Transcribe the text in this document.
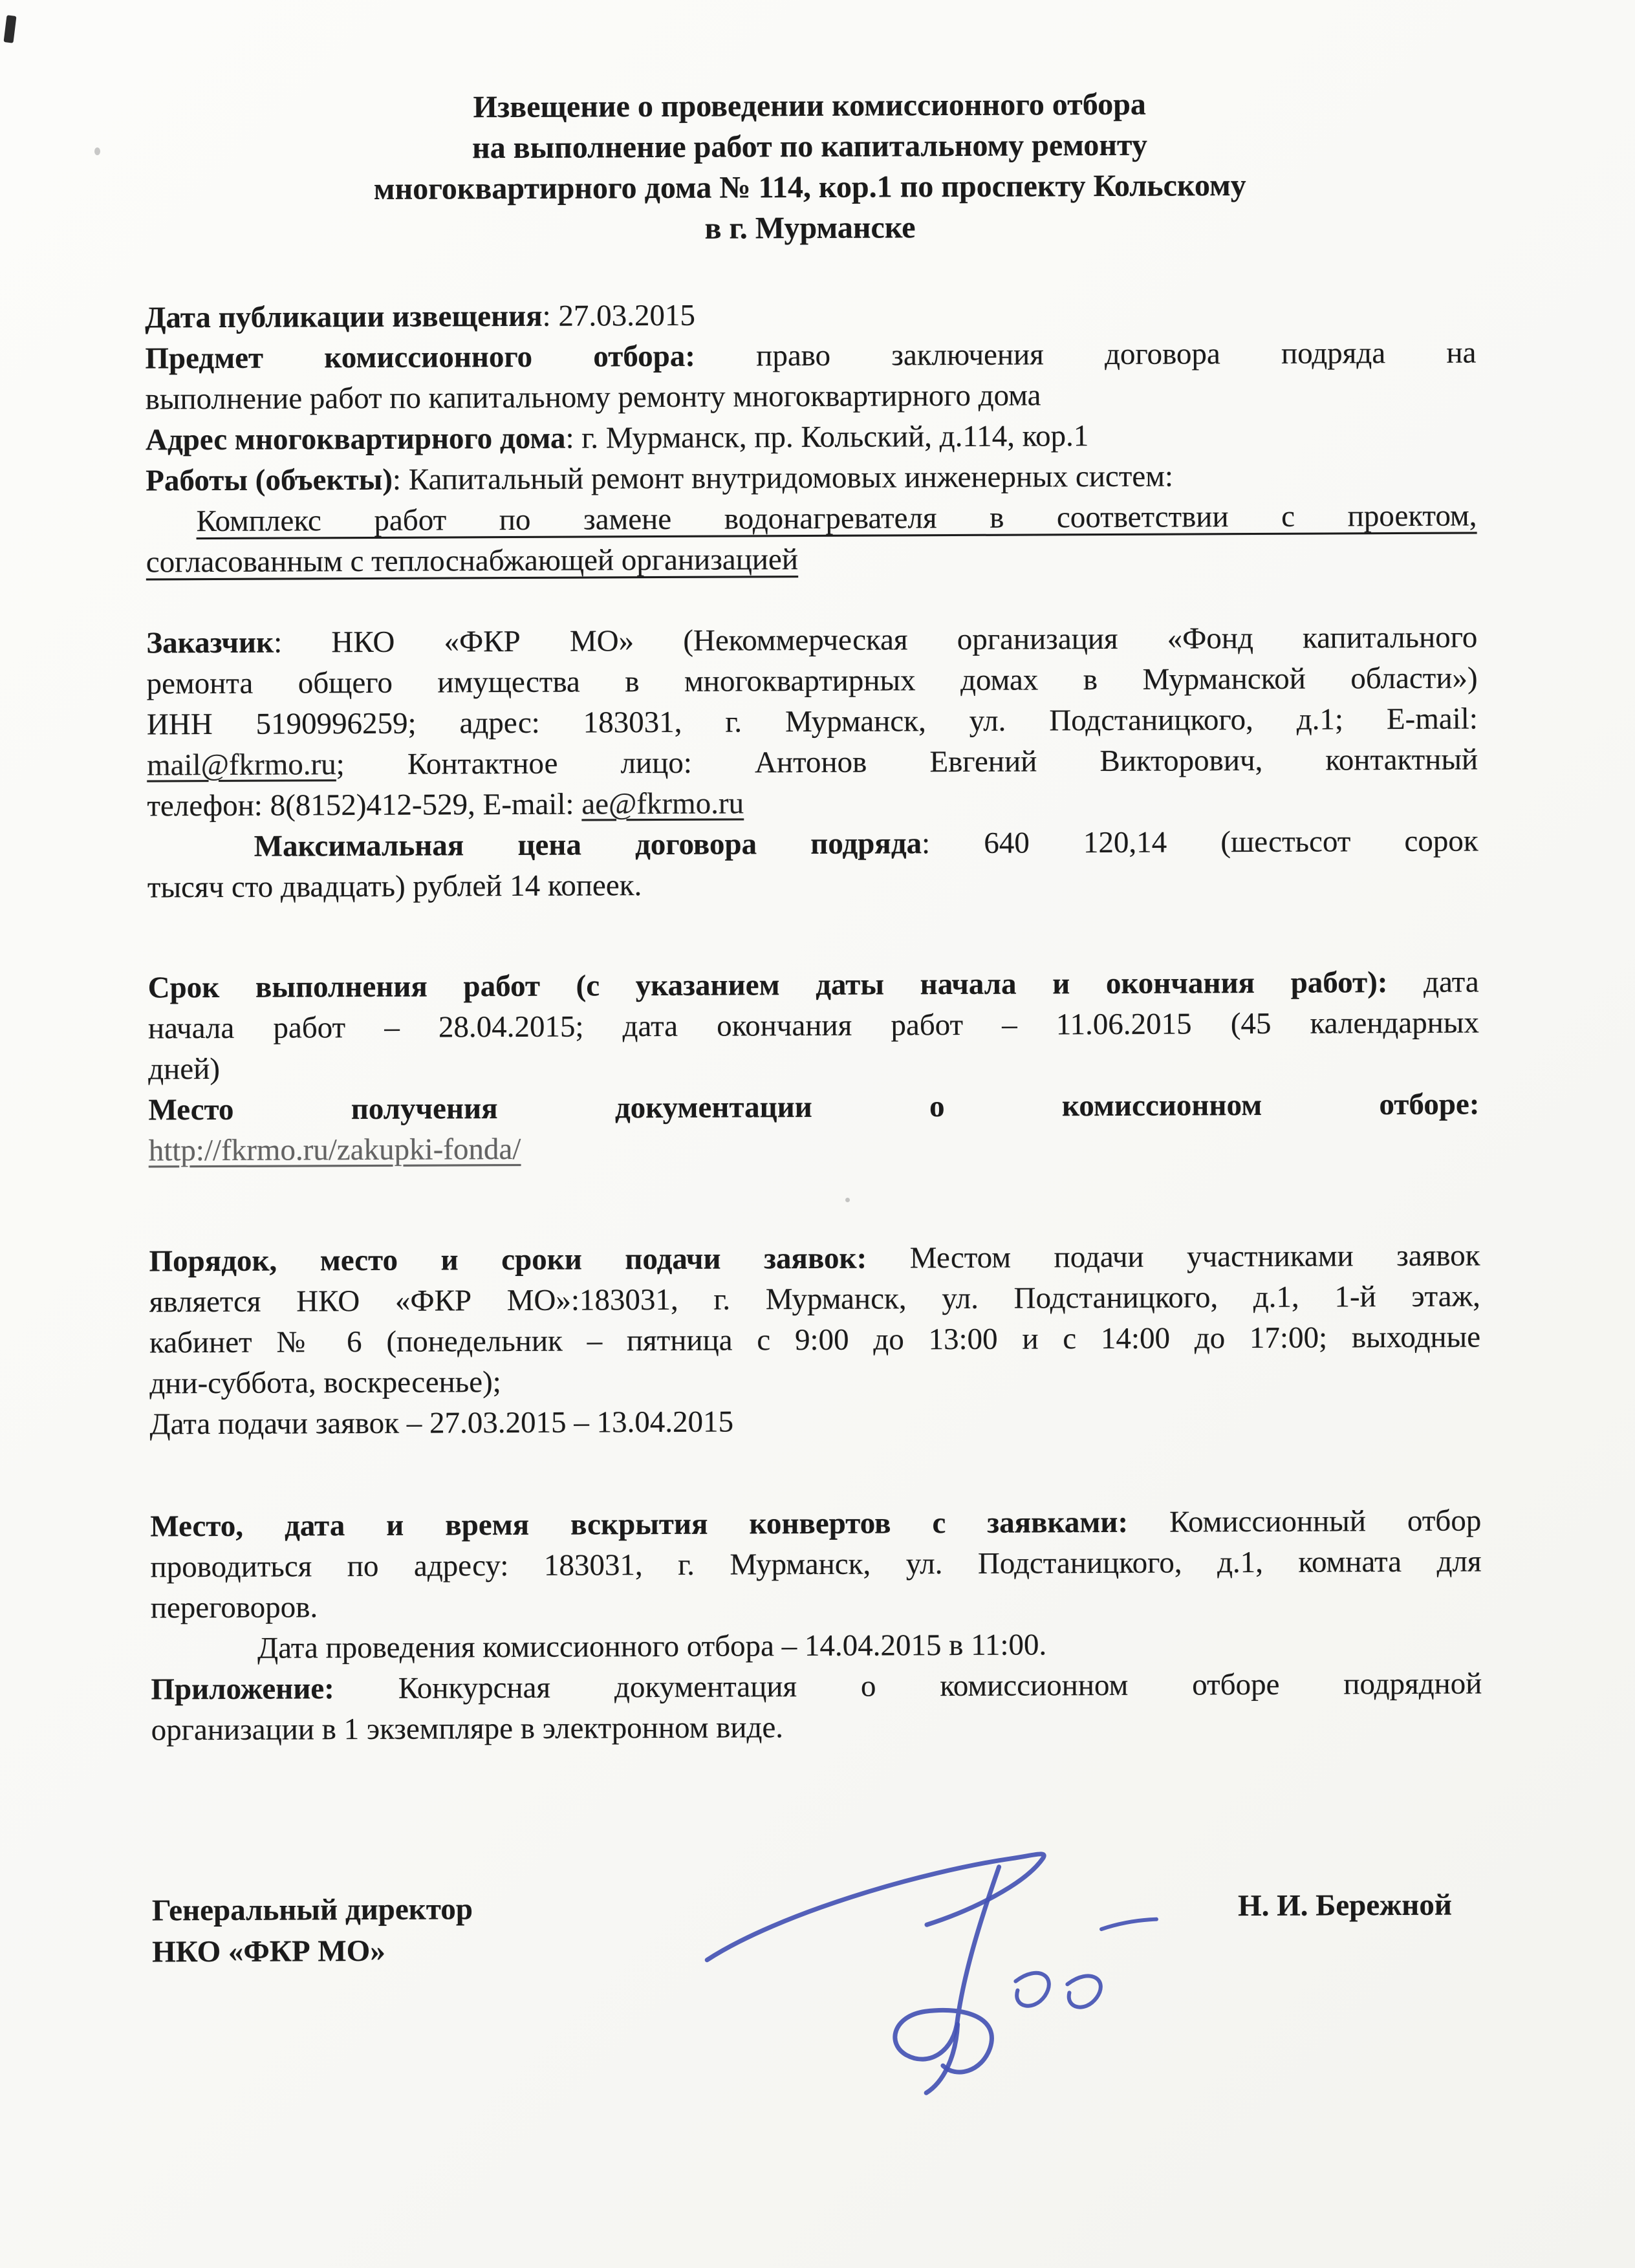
Извещение о проведении комиссионного отбора
на выполнение работ по капитальному ремонту
многоквартирного дома № 114, кор.1 по проспекту Кольскому
в г. Мурманске
Дата публикации извещения: 27.03.2015
Предмет комиссионного отбора: право заключения договора подряда на
выполнение работ по капитальному ремонту многоквартирного дома
Адрес многоквартирного дома: г. Мурманск, пр. Кольский, д.114, кор.1
Работы (объекты): Капитальный ремонт внутридомовых инженерных систем:
Комплекс работ по замене водонагревателя в соответствии с проектом,
согласованным с теплоснабжающей организацией
Заказчик: НКО «ФКР МО» (Некоммерческая организация «Фонд капитального
ремонта общего имущества в многоквартирных домах в Мурманской области»)
ИНН 5190996259; адрес: 183031, г. Мурманск, ул. Подстаницкого, д.1; E-mail:
mail@fkrmo.ru; Контактное лицо: Антонов Евгений Викторович, контактный
телефон: 8(8152)412-529, E-mail: ae@fkrmo.ru
Максимальная цена договора подряда: 640 120,14 (шестьсот сорок
тысяч сто двадцать) рублей 14 копеек.
Срок выполнения работ (с указанием даты начала и окончания работ): дата
начала работ – 28.04.2015; дата окончания работ – 11.06.2015 (45 календарных
дней)
Место получения документации о комиссионном отборе:
http://fkrmo.ru/zakupki-fonda/
Порядок, место и сроки подачи заявок: Местом подачи участниками заявок
является НКО «ФКР МО»:183031, г. Мурманск, ул. Подстаницкого, д.1, 1-й этаж,
кабинет № 6 (понедельник – пятница с 9:00 до 13:00 и с 14:00 до 17:00; выходные
дни-суббота, воскресенье);
Дата подачи заявок – 27.03.2015 – 13.04.2015
Место, дата и время вскрытия конвертов с заявками: Комиссионный отбор
проводиться по адресу: 183031, г. Мурманск, ул. Подстаницкого, д.1, комната для
переговоров.
Дата проведения комиссионного отбора – 14.04.2015 в 11:00.
Приложение: Конкурсная документация о комиссионном отборе подрядной
организации в 1 экземпляре в электронном виде.
Генеральный директор
НКО «ФКР МО»
Н. И. Бережной
